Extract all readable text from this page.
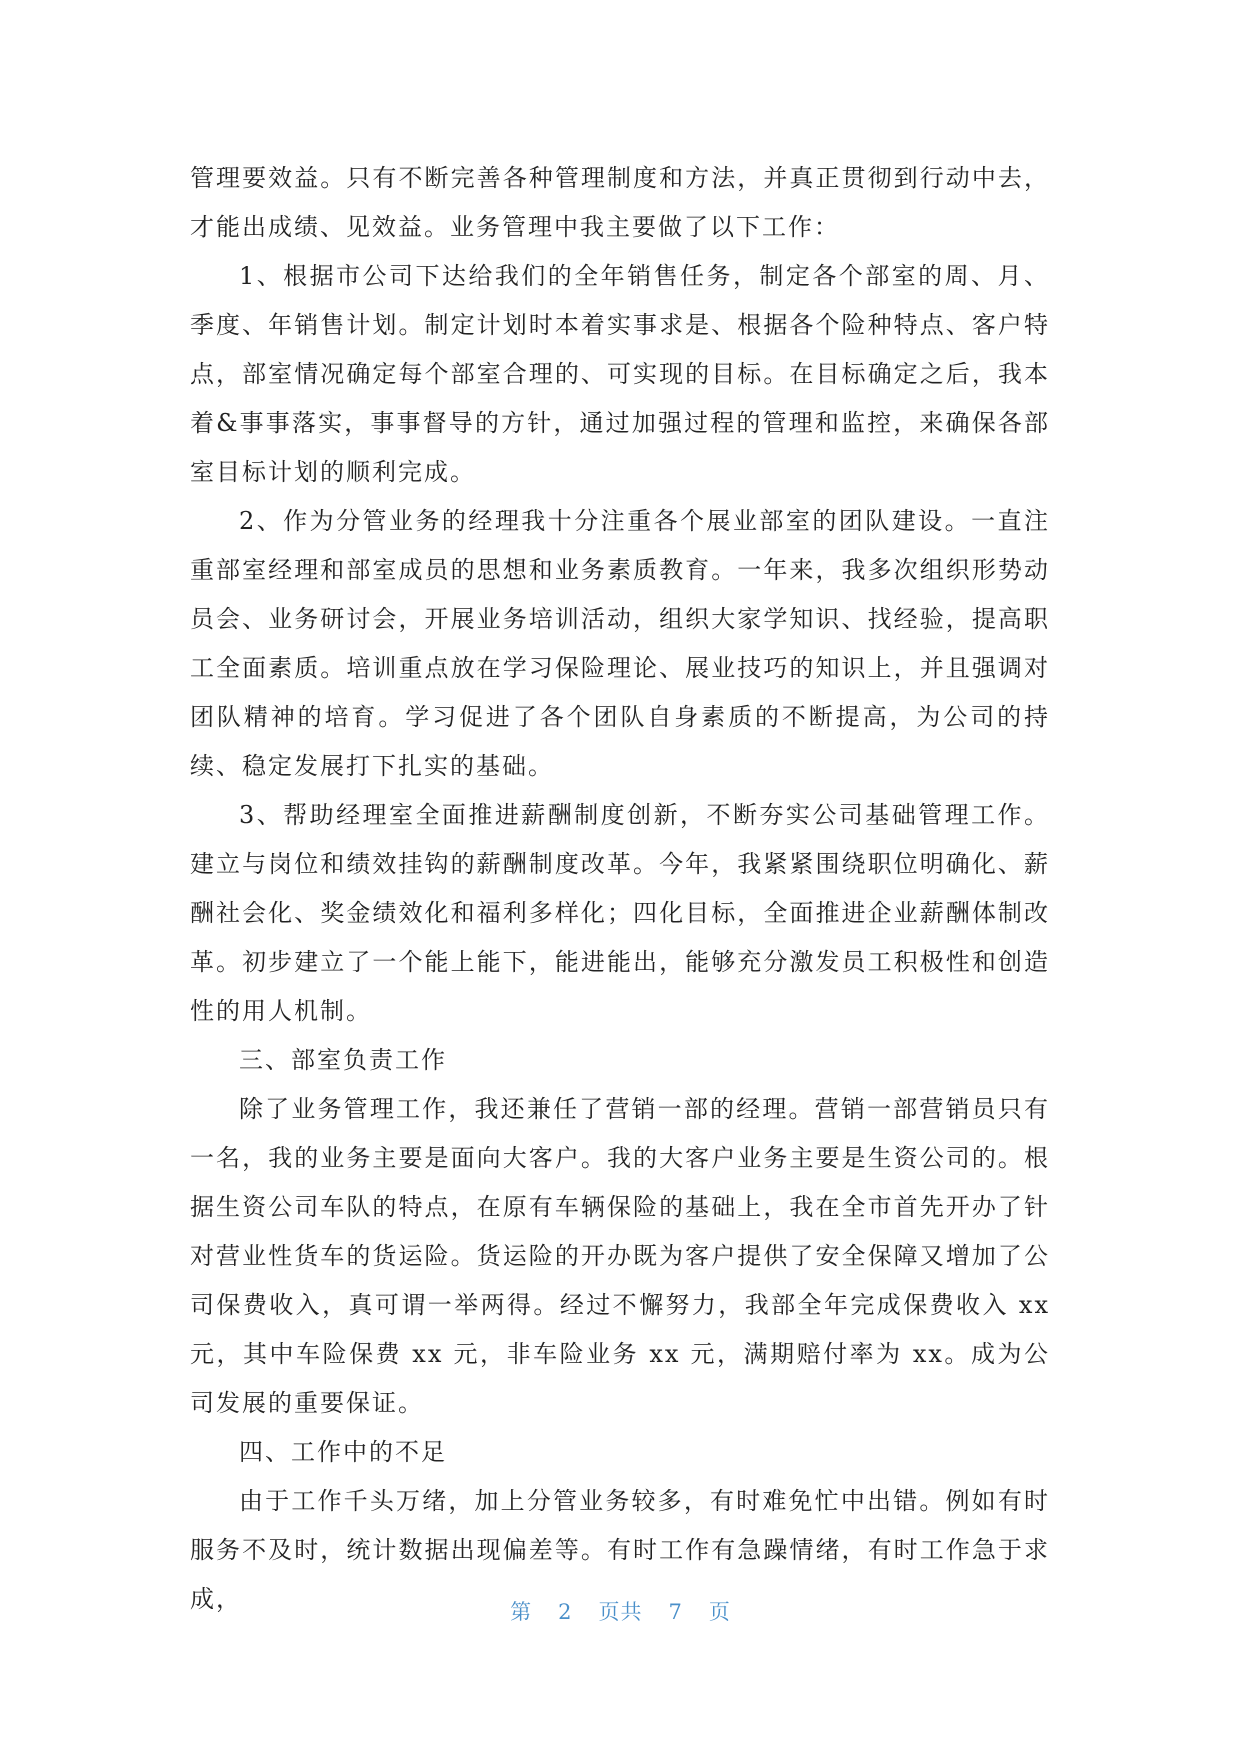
管理要效益。只有不断完善各种管理制度和方法，并真正贯彻到行动中去，才能出成绩、见效益。业务管理中我主要做了以下工作：

1、根据市公司下达给我们的全年销售任务，制定各个部室的周、月、季度、年销售计划。制定计划时本着实事求是、根据各个险种特点、客户特点，部室情况确定每个部室合理的、可实现的目标。在目标确定之后，我本着&事事落实，事事督导的方针，通过加强过程的管理和监控，来确保各部室目标计划的顺利完成。

2、作为分管业务的经理我十分注重各个展业部室的团队建设。一直注重部室经理和部室成员的思想和业务素质教育。一年来，我多次组织形势动员会、业务研讨会，开展业务培训活动，组织大家学知识、找经验，提高职工全面素质。培训重点放在学习保险理论、展业技巧的知识上，并且强调对团队精神的培育。学习促进了各个团队自身素质的不断提高，为公司的持续、稳定发展打下扎实的基础。

3、帮助经理室全面推进薪酬制度创新，不断夯实公司基础管理工作。建立与岗位和绩效挂钩的薪酬制度改革。今年，我紧紧围绕职位明确化、薪酬社会化、奖金绩效化和福利多样化；四化目标，全面推进企业薪酬体制改革。初步建立了一个能上能下，能进能出，能够充分激发员工积极性和创造性的用人机制。

三、部室负责工作

除了业务管理工作，我还兼任了营销一部的经理。营销一部营销员只有一名，我的业务主要是面向大客户。我的大客户业务主要是生资公司的。根据生资公司车队的特点，在原有车辆保险的基础上，我在全市首先开办了针对营业性货车的货运险。货运险的开办既为客户提供了安全保障又增加了公司保费收入，真可谓一举两得。经过不懈努力，我部全年完成保费收入 xx 元，其中车险保费 xx 元，非车险业务 xx 元，满期赔付率为 xx。成为公司发展的重要保证。

四、工作中的不足

由于工作千头万绪，加上分管业务较多，有时难免忙中出错。例如有时服务不及时，统计数据出现偏差等。有时工作有急躁情绪，有时工作急于求成，	第 2 页共 7 页
